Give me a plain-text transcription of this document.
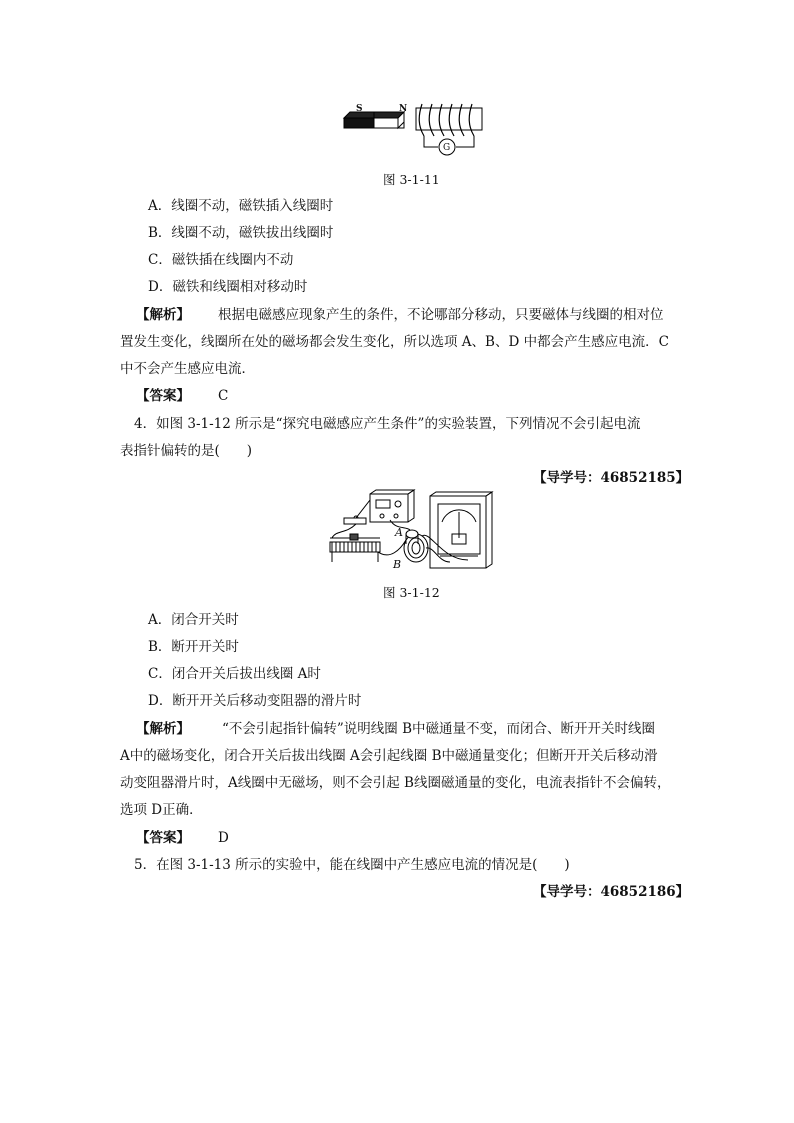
S	N
G
图 3-1-11
A．线圈不动，磁铁插入线圈时
B．线圈不动，磁铁拔出线圈时
C．磁铁插在线圈内不动
D．磁铁和线圈相对移动时
【解析】 根据电磁感应现象产生的条件，不论哪部分移动，只要磁体与线圈的相对位
置发生变化，线圈所在处的磁场都会发生变化，所以选项 A、B、D 中都会产生感应电流．C
中不会产生感应电流．
【答案】 C
4．如图 3-1-12 所示是“探究电磁感应产生条件”的实验装置，下列情况不会引起电流
表指针偏转的是(　　)
【导学号：46852185】
A
B
图 3-1-12
A．闭合开关时
B．断开开关时
C．闭合开关后拔出线圈 A时
D．断开开关后移动变阻器的滑片时
【解析】 “不会引起指针偏转”说明线圈 B中磁通量不变，而闭合、断开开关时线圈
A中的磁场变化，闭合开关后拔出线圈 A会引起线圈 B中磁通量变化；但断开开关后移动滑
动变阻器滑片时，A线圈中无磁场，则不会引起 B线圈磁通量的变化，电流表指针不会偏转，
选项 D正确．
【答案】 D
5．在图 3-1-13 所示的实验中，能在线圈中产生感应电流的情况是(　　)
【导学号：46852186】
